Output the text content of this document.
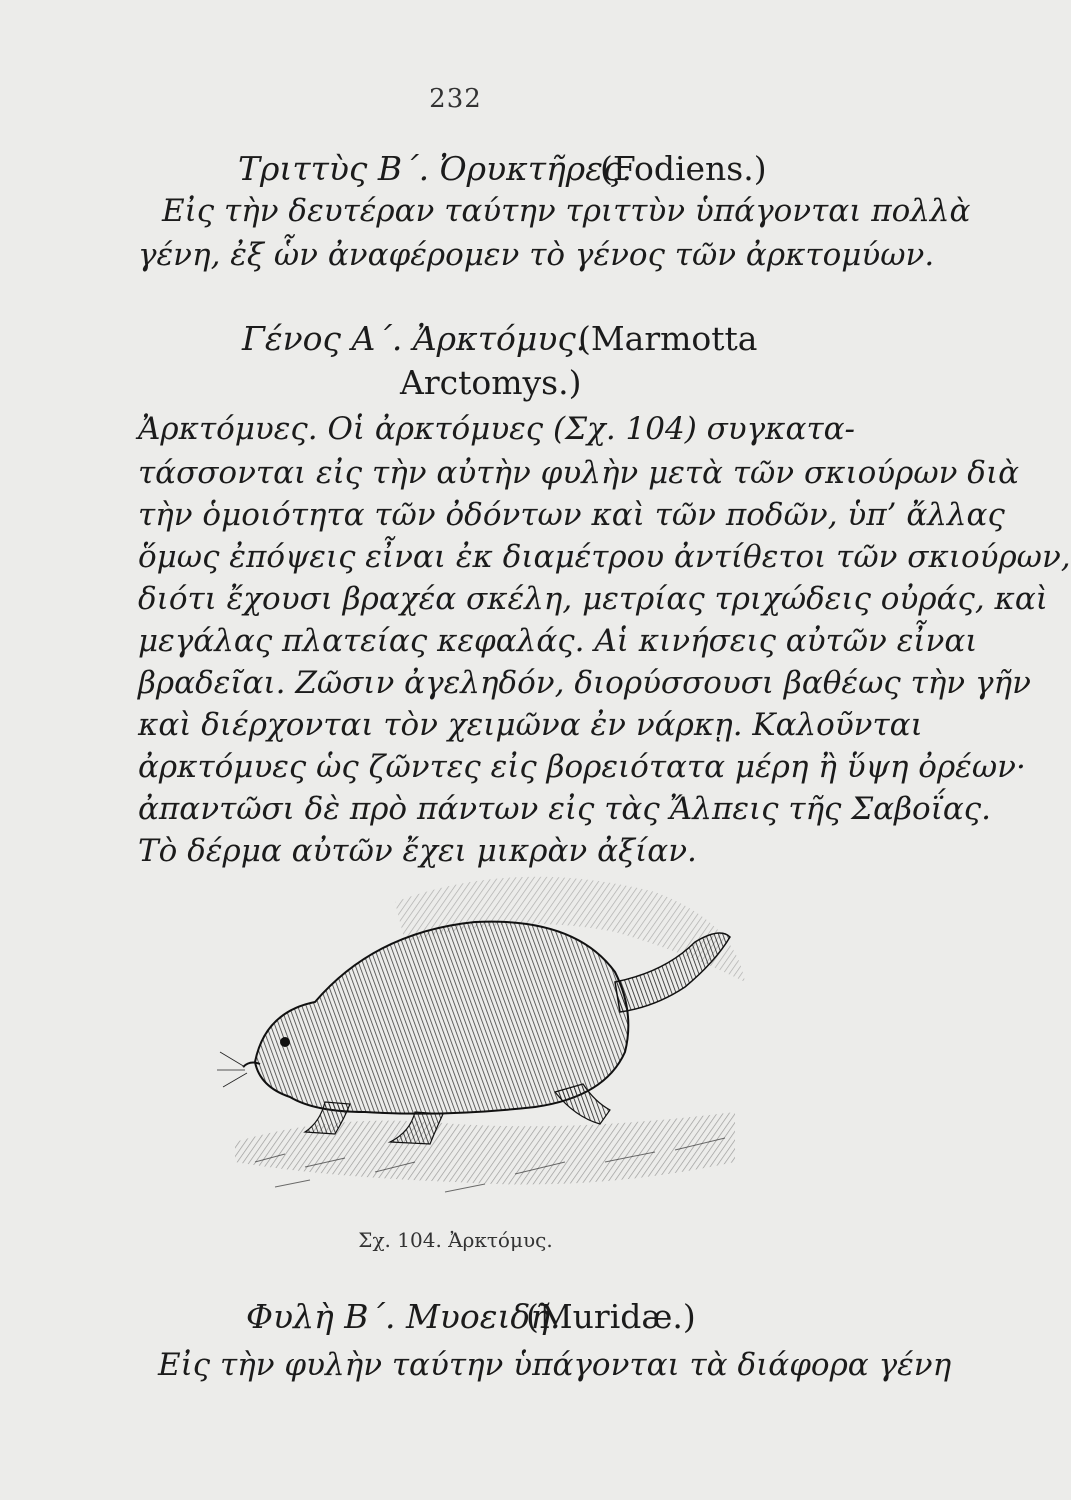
232
Τριττὺς Β΄. Ὀρυκτῆρες.
(Fodiens.)
Εἰς τὴν δευτέραν ταύτην τριττὺν ὑπάγονται πολλὰ
γένη, ἐξ ὧν ἀναφέρομεν τὸ γένος τῶν ἀρκτομύων.
Γένος Α΄. Ἀρκτόμυς.
(Marmotta
Arctomys.)
Ἀρκτόμυες. Οἱ ἀρκτόμυες (Σχ. 104) συγκατα-
τάσσονται εἰς τὴν αὐτὴν φυλὴν μετὰ τῶν σκιούρων διὰ
τὴν ὁμοιότητα τῶν ὀδόντων καὶ τῶν ποδῶν, ὑπ’ ἄλλας
ὅμως ἐπόψεις εἶναι ἐκ διαμέτρου ἀντίθετοι τῶν σκιούρων,
διότι ἔχουσι βραχέα σκέλη, μετρίας τριχώδεις οὐράς, καὶ
μεγάλας πλατείας κεφαλάς. Αἱ κινήσεις αὐτῶν εἶναι
βραδεῖαι. Ζῶσιν ἀγεληδόν, διορύσσουσι βαθέως τὴν γῆν
καὶ διέρχονται τὸν χειμῶνα ἐν νάρκῃ. Καλοῦνται
ἀρκτόμυες ὡς ζῶντες εἰς βορειότατα μέρη ἢ ὕψη ὀρέων·
ἀπαντῶσι δὲ πρὸ πάντων εἰς τὰς Ἄλπεις τῆς Σαβοΐας.
Τὸ δέρμα αὐτῶν ἔχει μικρὰν ἀξίαν.
Σχ. 104. Ἀρκτόμυς.
Φυλὴ Β΄. Μυοειδῆ.
(Muridæ.)
Εἰς τὴν φυλὴν ταύτην ὑπάγονται τὰ διάφορα γένη
